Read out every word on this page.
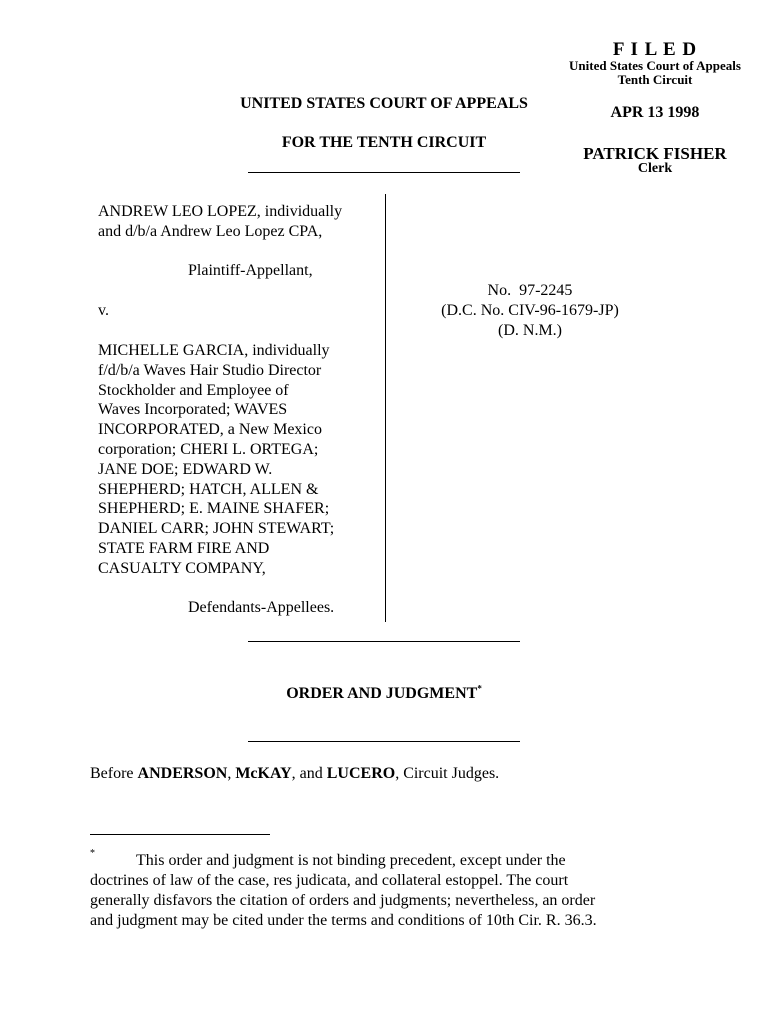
F I L E D
United States Court of Appeals
Tenth Circuit
APR 13 1998
PATRICK FISHER
Clerk
UNITED STATES COURT OF APPEALS
FOR THE TENTH CIRCUIT
ANDREW LEO LOPEZ, individually
and d/b/a Andrew Leo Lopez CPA,
Plaintiff-Appellant,
v.
MICHELLE GARCIA, individually
f/d/b/a Waves Hair Studio Director
Stockholder and Employee of
Waves Incorporated; WAVES
INCORPORATED, a New Mexico
corporation; CHERI L. ORTEGA;
JANE DOE; EDWARD W.
SHEPHERD; HATCH, ALLEN &
SHEPHERD; E. MAINE SHAFER;
DANIEL CARR; JOHN STEWART;
STATE FARM FIRE AND
CASUALTY COMPANY,
Defendants-Appellees.
No.  97-2245
(D.C. No. CIV-96-1679-JP)
(D. N.M.)
ORDER AND JUDGMENT*
Before ANDERSON, McKAY, and LUCERO, Circuit Judges.
*	This order and judgment is not binding precedent, except under the
doctrines of law of the case, res judicata, and collateral estoppel. The court
generally disfavors the citation of orders and judgments; nevertheless, an order
and judgment may be cited under the terms and conditions of 10th Cir. R. 36.3.
